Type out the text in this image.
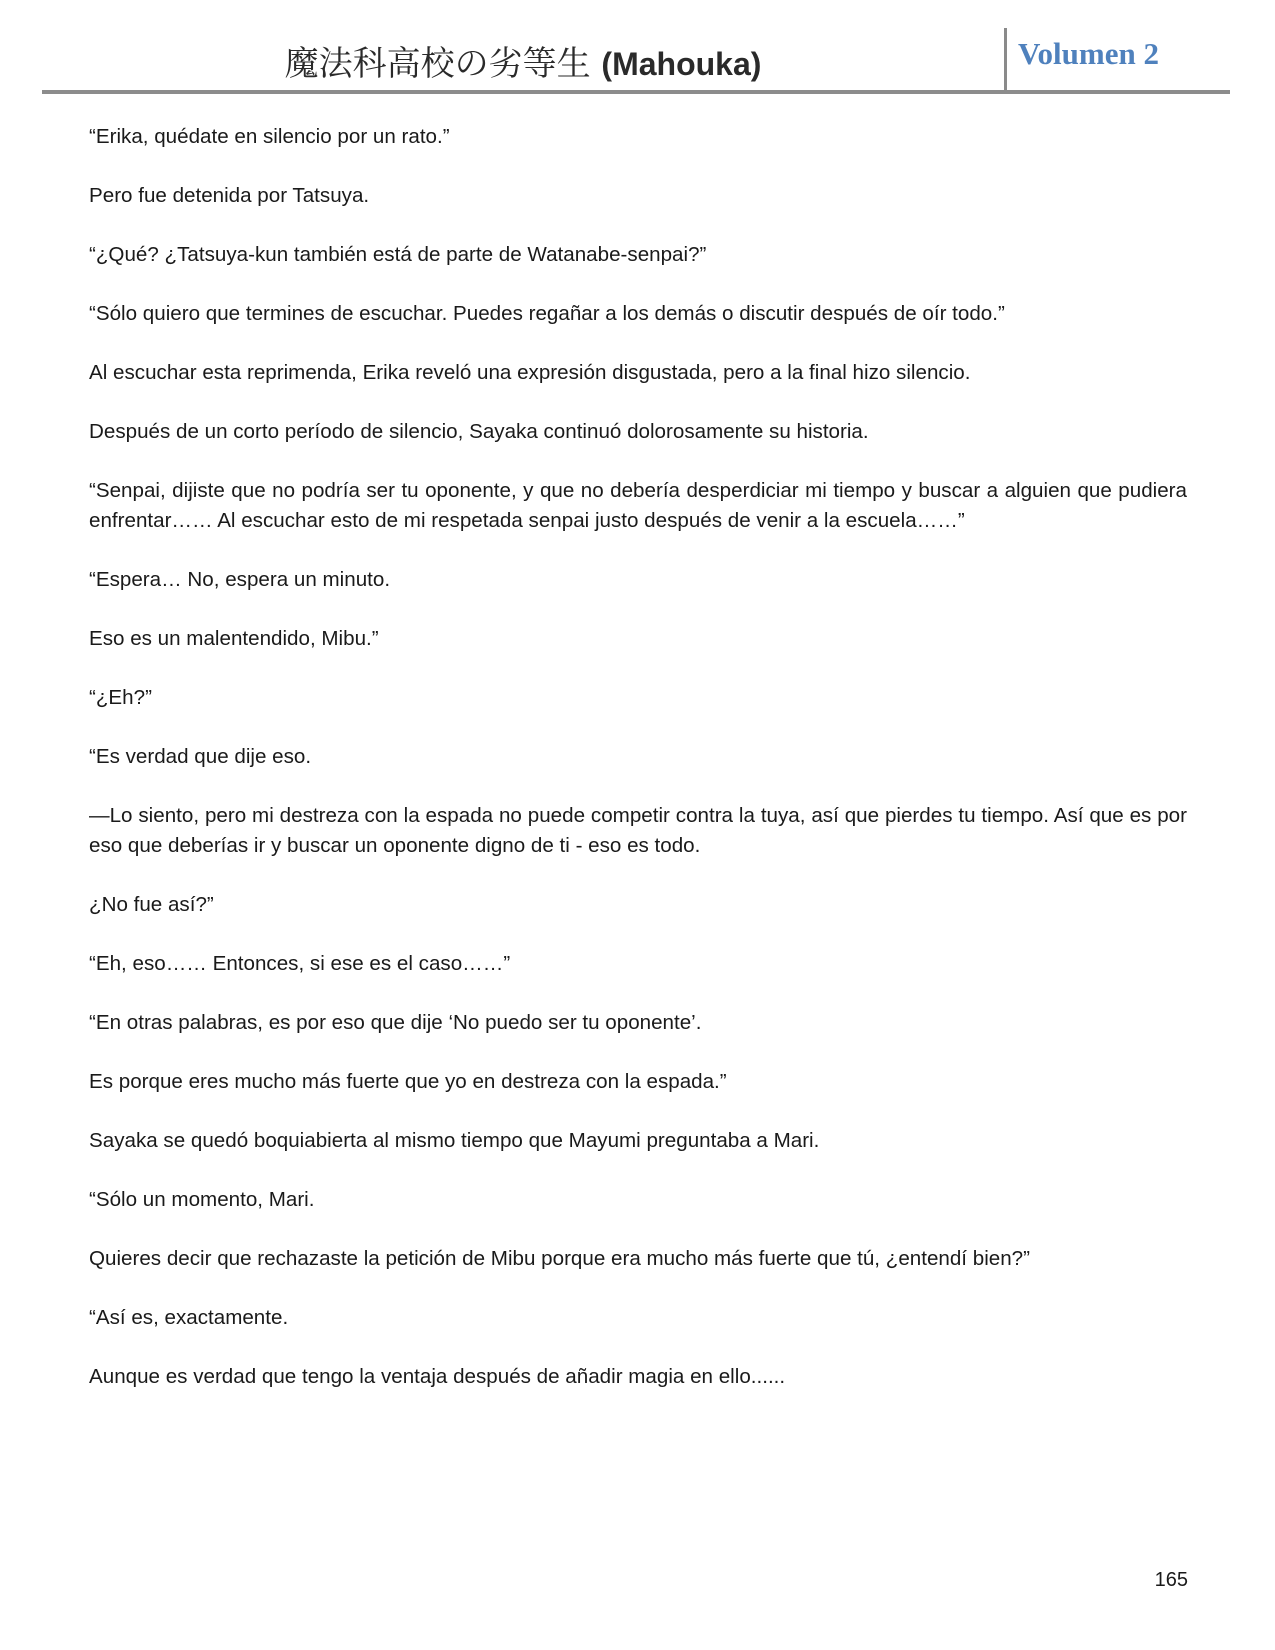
魔法科高校の劣等生 (Mahouka)	Volumen 2

“Erika, quédate en silencio por un rato.”

Pero fue detenida por Tatsuya.

“¿Qué? ¿Tatsuya-kun también está de parte de Watanabe-senpai?”

“Sólo quiero que termines de escuchar. Puedes regañar a los demás o discutir después de oír todo.”

Al escuchar esta reprimenda, Erika reveló una expresión disgustada, pero a la final hizo silencio.

Después de un corto período de silencio, Sayaka continuó dolorosamente su historia.

“Senpai, dijiste que no podría ser tu oponente, y que no debería desperdiciar mi tiempo y buscar a alguien que pudiera enfrentar…… Al escuchar esto de mi respetada senpai justo después de venir a la escuela……”

“Espera… No, espera un minuto.

Eso es un malentendido, Mibu.”

“¿Eh?”

“Es verdad que dije eso.

—Lo siento, pero mi destreza con la espada no puede competir contra la tuya, así que pierdes tu tiempo. Así que es por eso que deberías ir y buscar un oponente digno de ti - eso es todo.

¿No fue así?”

“Eh, eso…… Entonces, si ese es el caso……”

“En otras palabras, es por eso que dije ‘No puedo ser tu oponente’.

Es porque eres mucho más fuerte que yo en destreza con la espada.”

Sayaka se quedó boquiabierta al mismo tiempo que Mayumi preguntaba a Mari.

“Sólo un momento, Mari.

Quieres decir que rechazaste la petición de Mibu porque era mucho más fuerte que tú, ¿entendí bien?”

“Así es, exactamente.

Aunque es verdad que tengo la ventaja después de añadir magia en ello......

165
